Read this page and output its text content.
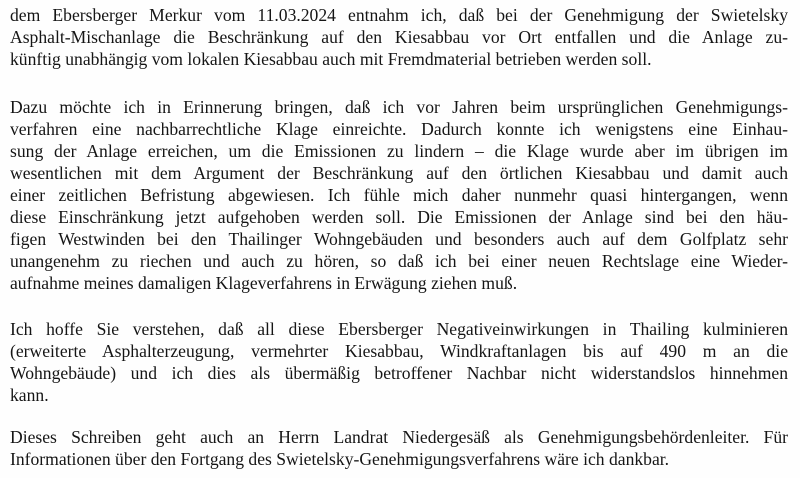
dem Ebersberger Merkur vom 11.03.2024 entnahm ich, daß bei der Genehmigung der Swietelsky
Asphalt-Mischanlage die Beschränkung auf den Kiesabbau vor Ort entfallen und die Anlage zu-
künftig unabhängig vom lokalen Kiesabbau auch mit Fremdmaterial betrieben werden soll.
Dazu möchte ich in Erinnerung bringen, daß ich vor Jahren beim ursprünglichen Genehmigungs-
verfahren eine nachbarrechtliche Klage einreichte. Dadurch konnte ich wenigstens eine Einhau-
sung der Anlage erreichen, um die Emissionen zu lindern – die Klage wurde aber im übrigen im
wesentlichen mit dem Argument der Beschränkung auf den örtlichen Kiesabbau und damit auch
einer zeitlichen Befristung abgewiesen. Ich fühle mich daher nunmehr quasi hintergangen, wenn
diese Einschränkung jetzt aufgehoben werden soll. Die Emissionen der Anlage sind bei den häu-
figen Westwinden bei den Thailinger Wohngebäuden und besonders auch auf dem Golfplatz sehr
unangenehm zu riechen und auch zu hören, so daß ich bei einer neuen Rechtslage eine Wieder-
aufnahme meines damaligen Klageverfahrens in Erwägung ziehen muß.
Ich hoffe Sie verstehen, daß all diese Ebersberger Negativeinwirkungen in Thailing kulminieren
(erweiterte Asphalterzeugung, vermehrter Kiesabbau, Windkraftanlagen bis auf 490 m an die
Wohngebäude) und ich dies als übermäßig betroffener Nachbar nicht widerstandslos hinnehmen
kann.
Dieses Schreiben geht auch an Herrn Landrat Niedergesäß als Genehmigungsbehördenleiter. Für
Informationen über den Fortgang des Swietelsky-Genehmigungsverfahrens wäre ich dankbar.
